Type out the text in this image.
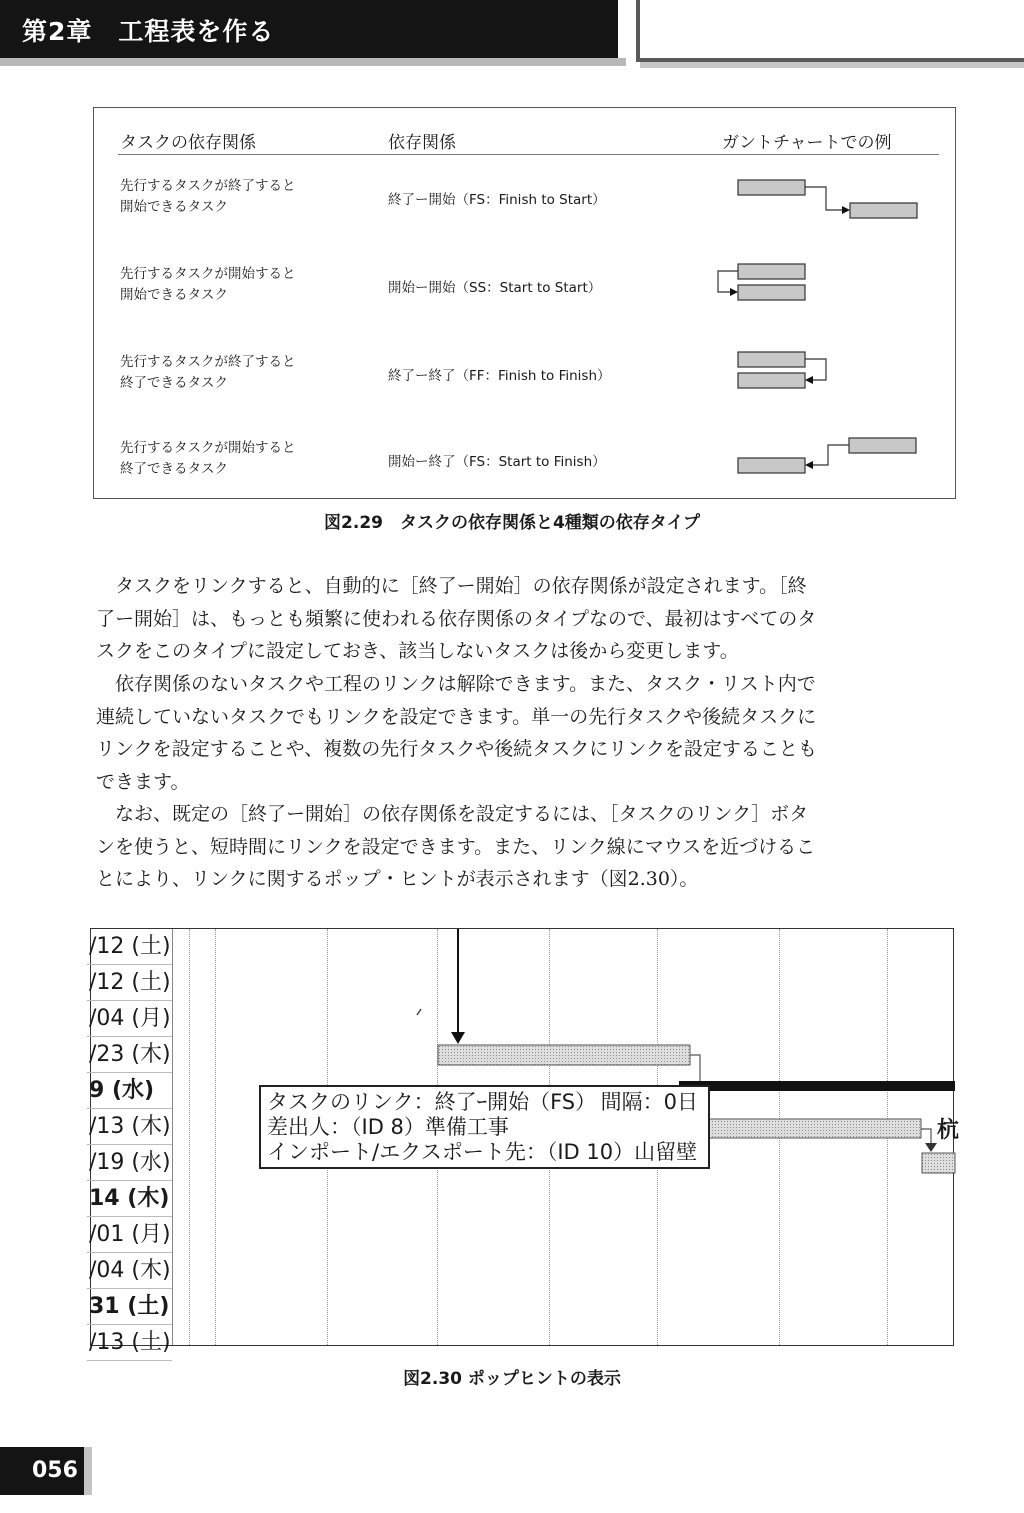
第2章 工程表を作る
タスクの依存関係	依存関係	ガントチャートでの例
先行するタスクが終了すると
開始できるタスク	終了ー開始（FS：Finish to Start）
先行するタスクが開始すると
開始できるタスク	開始ー開始（SS：Start to Start）
先行するタスクが終了すると
終了できるタスク	終了ー終了（FF：Finish to Finish）
先行するタスクが開始すると
終了できるタスク	開始ー終了（FS：Start to Finish）
図2.29　タスクの依存関係と4種類の依存タイプ

　タスクをリンクすると、自動的に［終了ー開始］の依存関係が設定されます。［終
了ー開始］は、もっとも頻繁に使われる依存関係のタイプなので、最初はすべてのタ
スクをこのタイプに設定しておき、該当しないタスクは後から変更します。

　依存関係のないタスクや工程のリンクは解除できます。また、タスク・リスト内で
連続していないタスクでもリンクを設定できます。単一の先行タスクや後続タスクに
リンクを設定することや、複数の先行タスクや後続タスクにリンクを設定することも
できます。

　なお、既定の［終了ー開始］の依存関係を設定するには、［タスクのリンク］ボタ
ンを使うと、短時間にリンクを設定できます。また、リンク線にマウスを近づけるこ
とにより、リンクに関するポップ・ヒントが表示されます（図2.30）。

/12 (土)
/12 (土)
/04 (月)
/23 (木)
9 (水)
/13 (木)
/19 (水)
14 (木)
/01 (月)
/04 (木)
31 (土)
/13 (土)
杭
タスクのリンク：終了ｰ開始（FS） 間隔：0日
差出人：（ID 8）準備工事
インポート/エクスポート先：（ID 10）山留壁
図2.30 ポップヒントの表示
056
